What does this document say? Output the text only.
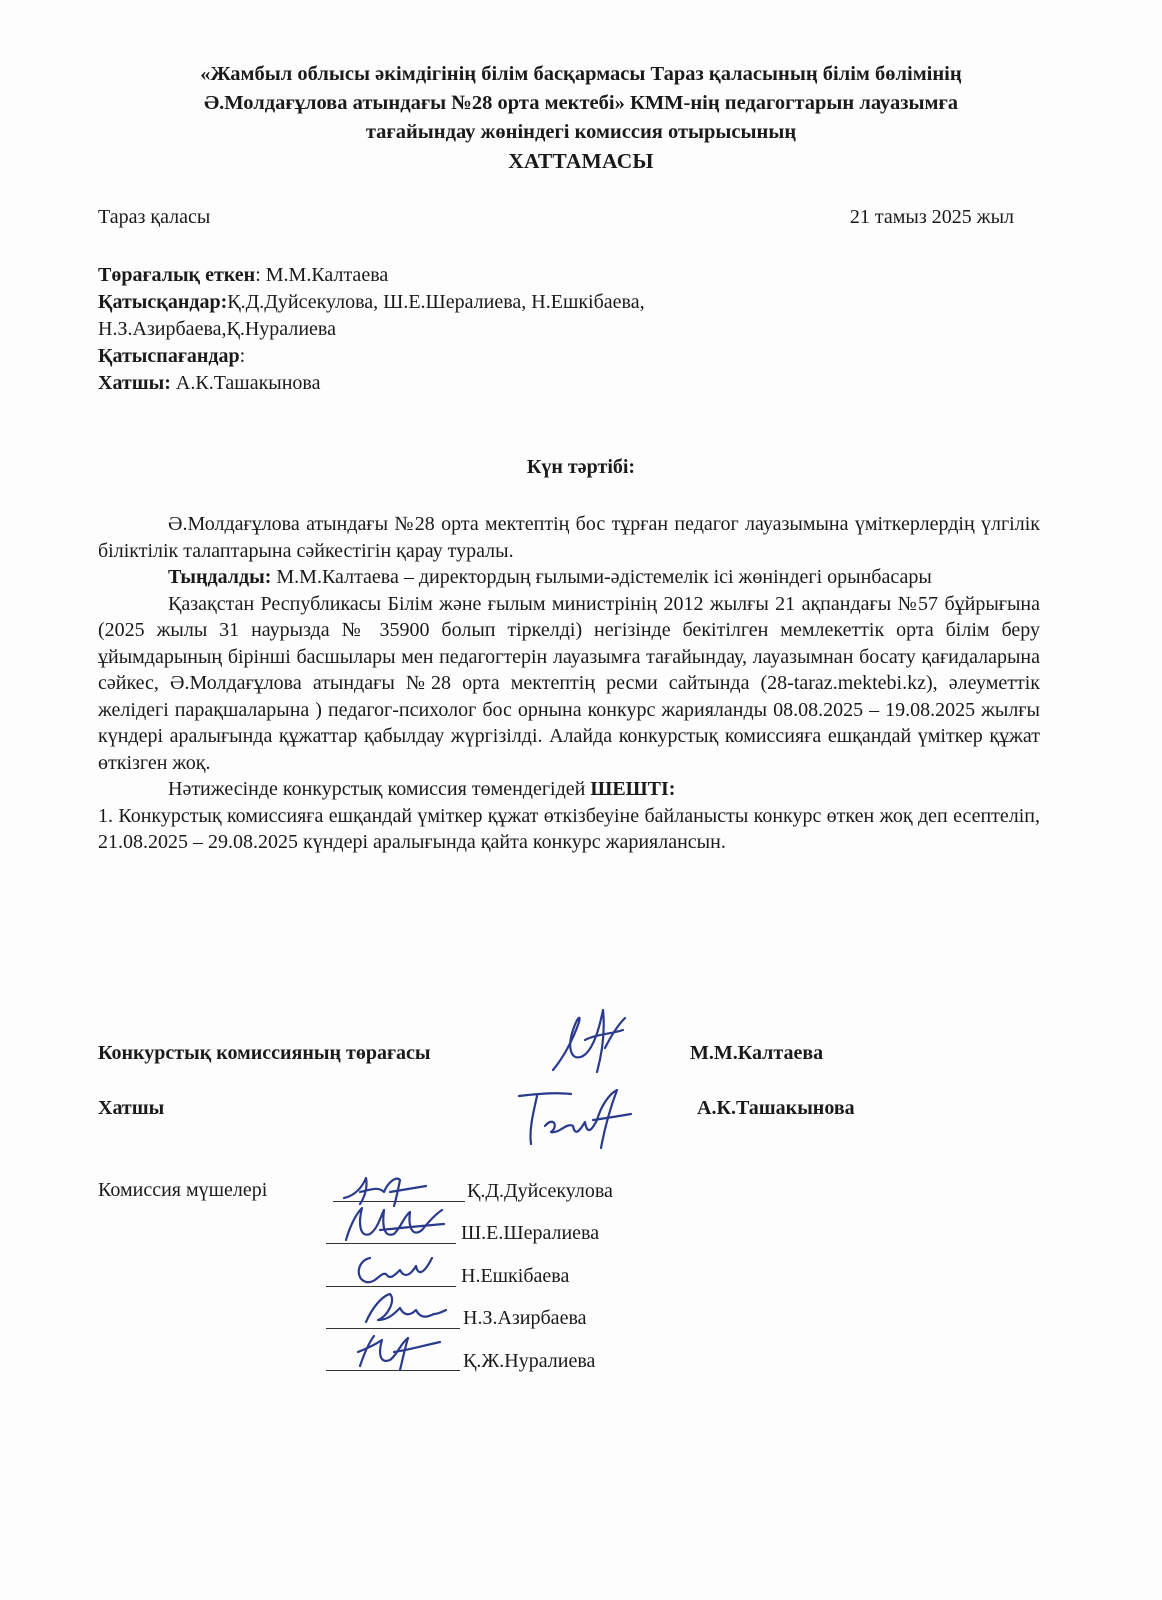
«Жамбыл облысы әкімдігінің білім басқармасы Тараз қаласының білім бөлімінің
Ә.Молдағұлова атындағы №28 орта мектебі» КММ-нің педагогтарын лауазымға
тағайындау жөніндегі комиссия отырысының
ХАТТАМАСЫ
Тараз қаласы	21 тамыз 2025 жыл
Төрағалық еткен: М.М.Калтаева
Қатысқандар:Қ.Д.Дуйсекулова, Ш.Е.Шералиева, Н.Ешкібаева,
Н.З.Азирбаева,Қ.Нуралиева
Қатыспағандар:
Хатшы: А.К.Ташакынова
Күн тәртібі:

Ә.Молдағұлова атындағы №28 орта мектептің бос тұрған педагог лауазымына үміткерлердің үлгілік біліктілік талаптарына сәйкестігін қарау туралы.

Тыңдалды: М.М.Калтаева – директордың ғылыми-әдістемелік ісі жөніндегі орынбасары

Қазақстан Республикасы Білім және ғылым министрінің 2012 жылғы 21 ақпандағы №57 бұйрығына (2025 жылы 31 наурызда № 35900 болып тіркелді) негізінде бекітілген мемлекеттік орта білім беру ұйымдарының бірінші басшылары мен педагогтерін лауазымға тағайындау, лауазымнан босату қағидаларына сәйкес, Ә.Молдағұлова атындағы №28 орта мектептің ресми сайтында (28-taraz.mektebi.kz), әлеуметтік желідегі парақшаларына ) педагог-психолог бос орнына конкурс жарияланды 08.08.2025 – 19.08.2025 жылғы күндері аралығында құжаттар қабылдау жүргізілді. Алайда конкурстық комиссияға ешқандай үміткер құжат өткізген жоқ.

Нәтижесінде конкурстық комиссия төмендегідей ШЕШТІ:

1. Конкурстық комиссияға ешқандай үміткер құжат өткізбеуіне байланысты конкурс өткен жоқ деп есептеліп, 21.08.2025 – 29.08.2025 күндері аралығында қайта конкурс жариялансын.

Конкурстық комиссияның төрағасы	М.М.Калтаева
Хатшы	А.К.Ташакынова
Комиссия мүшелері	Қ.Д.Дуйсекулова
Ш.Е.Шералиева
Н.Ешкібаева
Н.З.Азирбаева
Қ.Ж.Нуралиева
